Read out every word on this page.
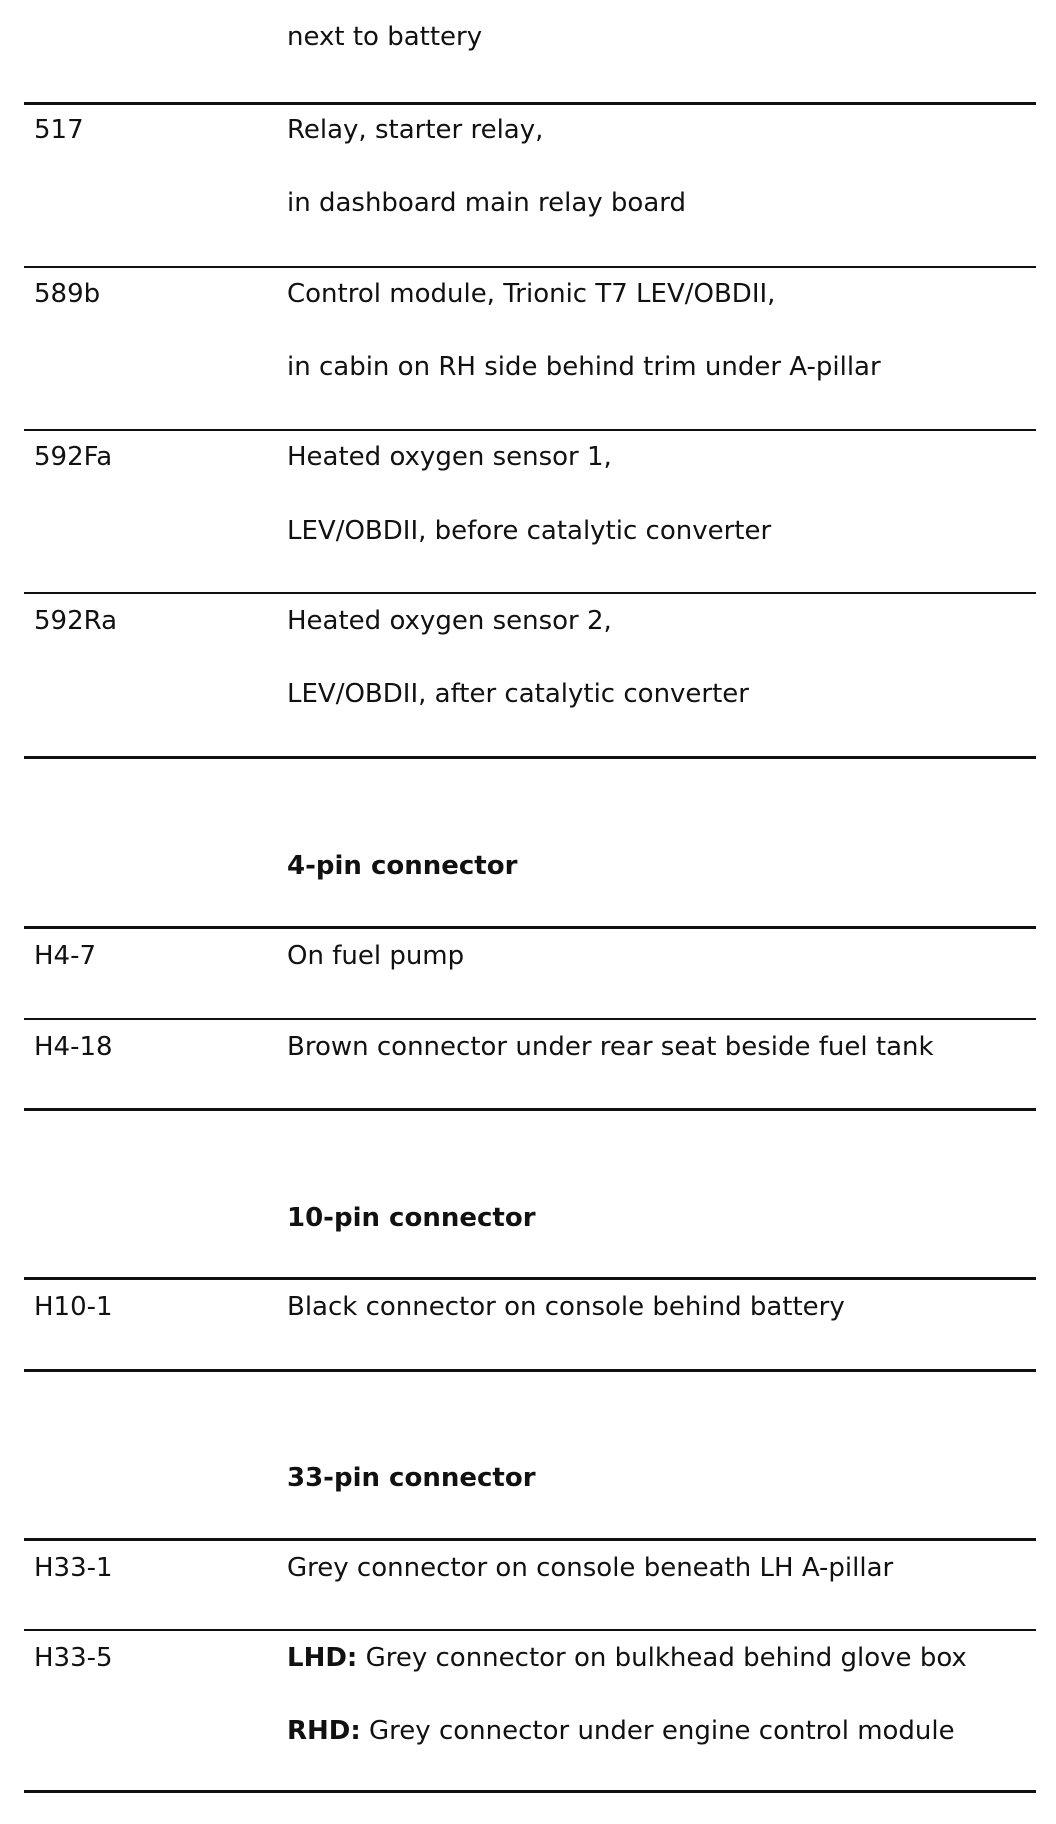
next to battery
517	Relay, starter relay,
in dashboard main relay board
589b	Control module, Trionic T7 LEV/OBDII,
in cabin on RH side behind trim under A-pillar
592Fa	Heated oxygen sensor 1,
LEV/OBDII, before catalytic converter
592Ra	Heated oxygen sensor 2,
LEV/OBDII, after catalytic converter
4-pin connector
H4-7	On fuel pump
H4-18	Brown connector under rear seat beside fuel tank
10-pin connector
H10-1	Black connector on console behind battery
33-pin connector
H33-1	Grey connector on console beneath LH A-pillar
H33-5	LHD: Grey connector on bulkhead behind glove box
RHD: Grey connector under engine control module
